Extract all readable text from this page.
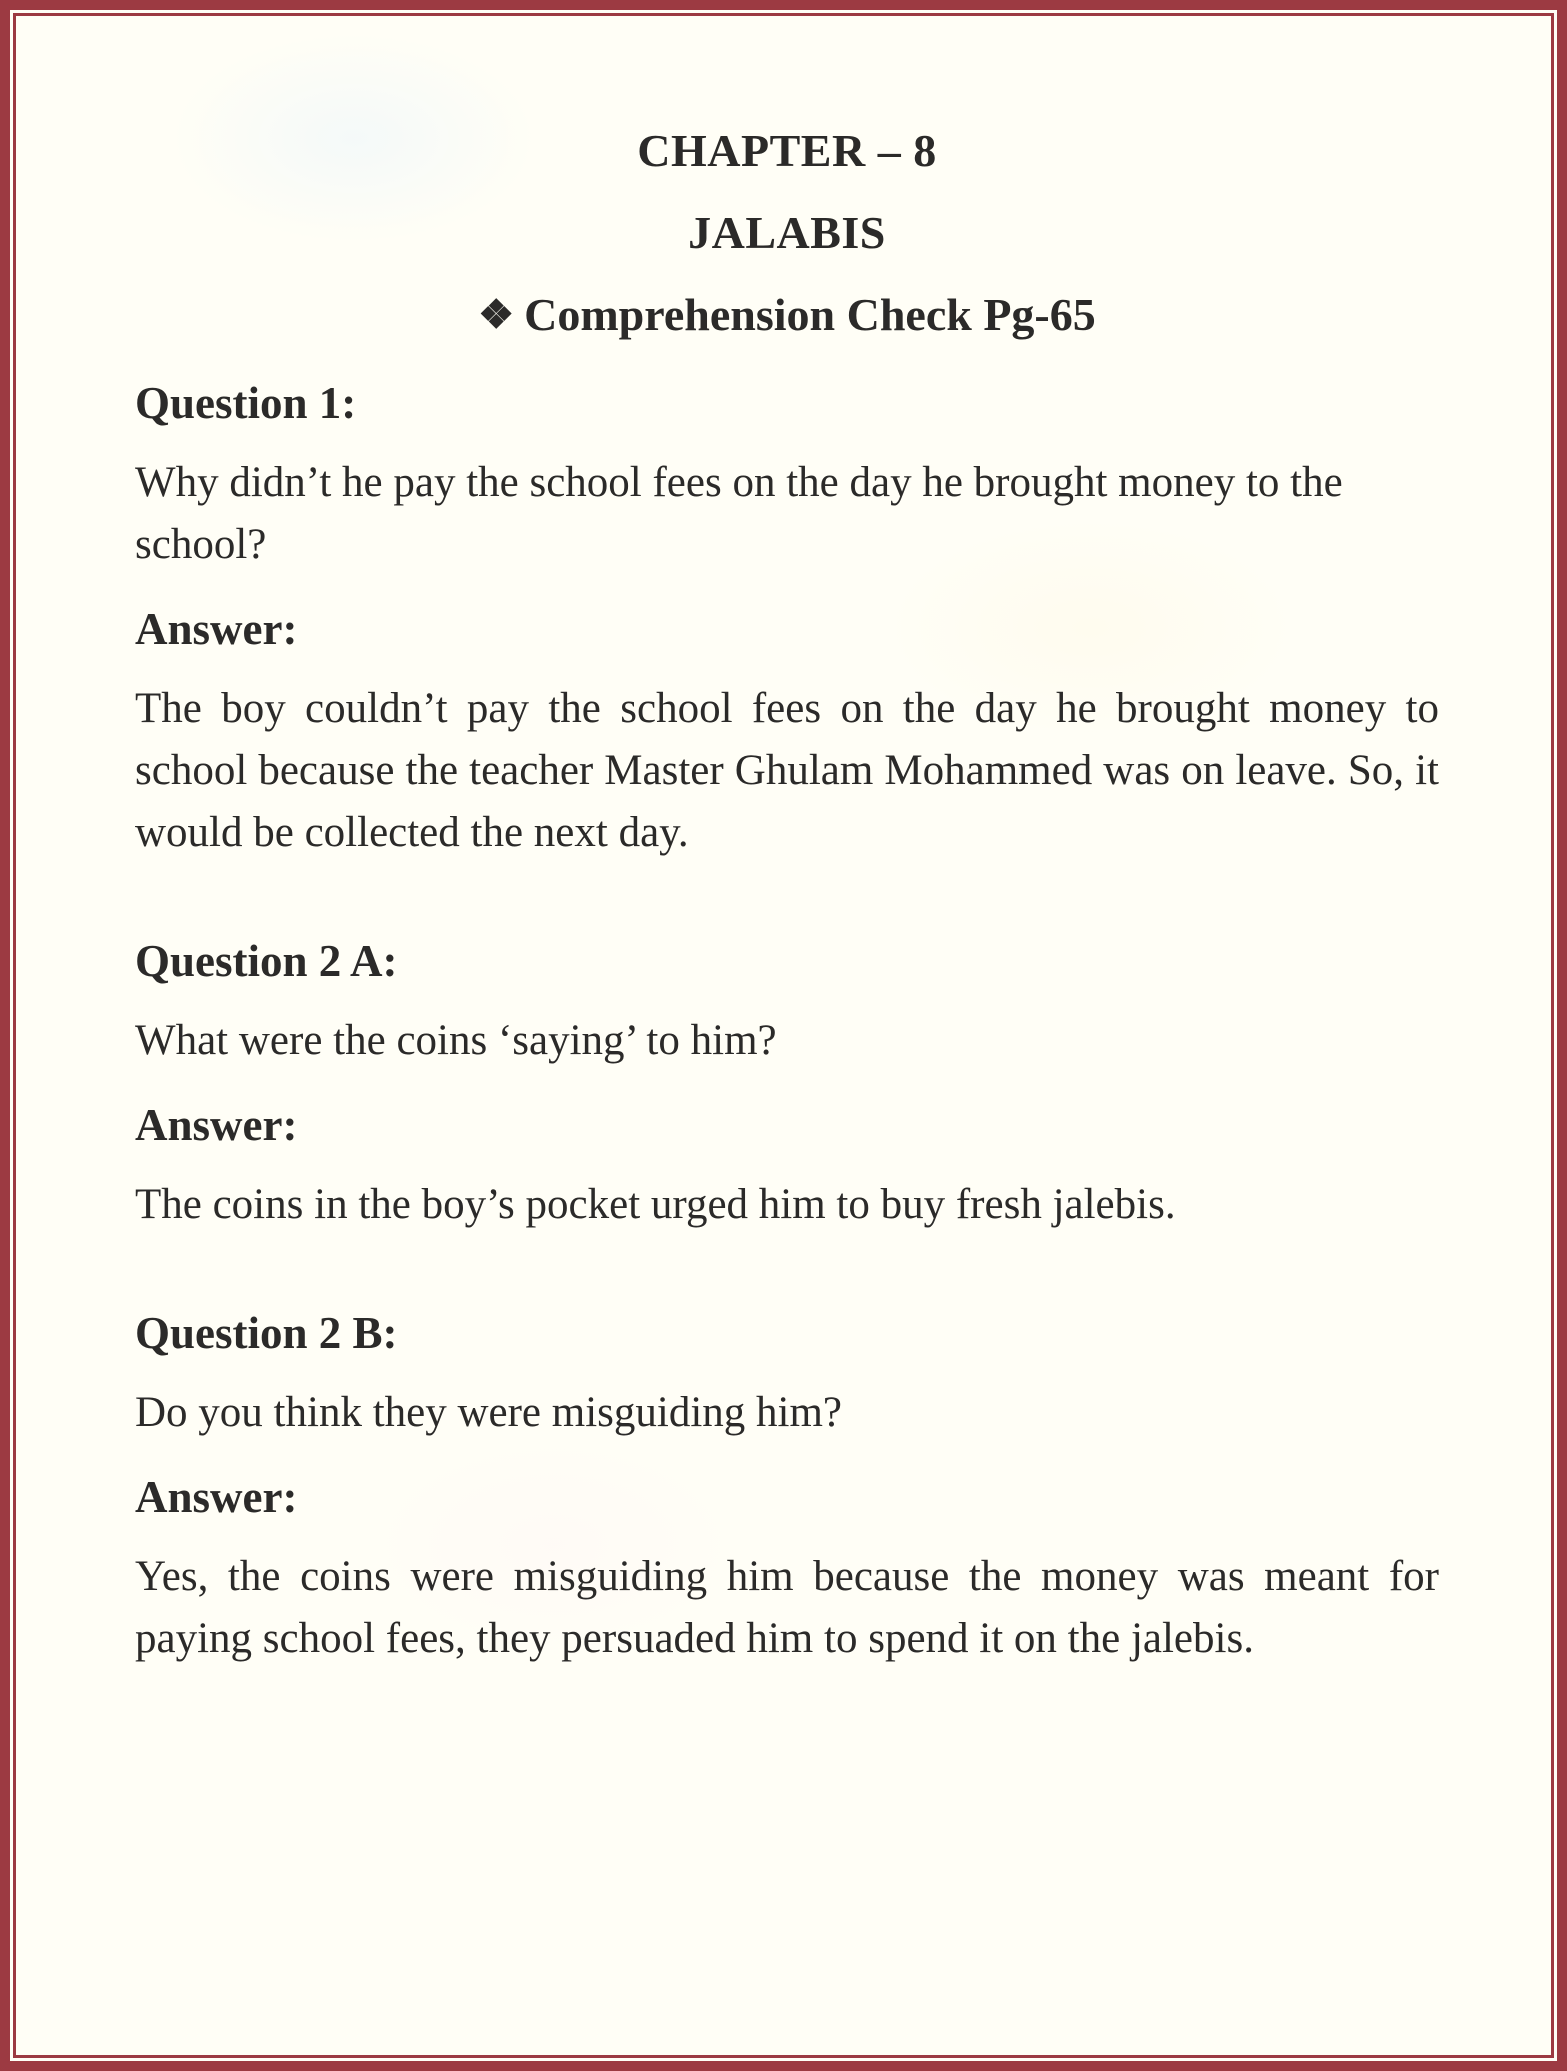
CHAPTER – 8
JALABIS
❖ Comprehension Check Pg-65

Question 1:

Why didn’t he pay the school fees on the day he brought money to the school?

Answer:

The boy couldn’t pay the school fees on the day he brought money to school because the teacher Master Ghulam Mohammed was on leave. So, it would be collected the next day.

Question 2 A:

What were the coins ‘saying’ to him?

Answer:

The coins in the boy’s pocket urged him to buy fresh jalebis.

Question 2 B:

Do you think they were misguiding him?

Answer:

Yes, the coins were misguiding him because the money was meant for paying school fees, they persuaded him to spend it on the jalebis.
